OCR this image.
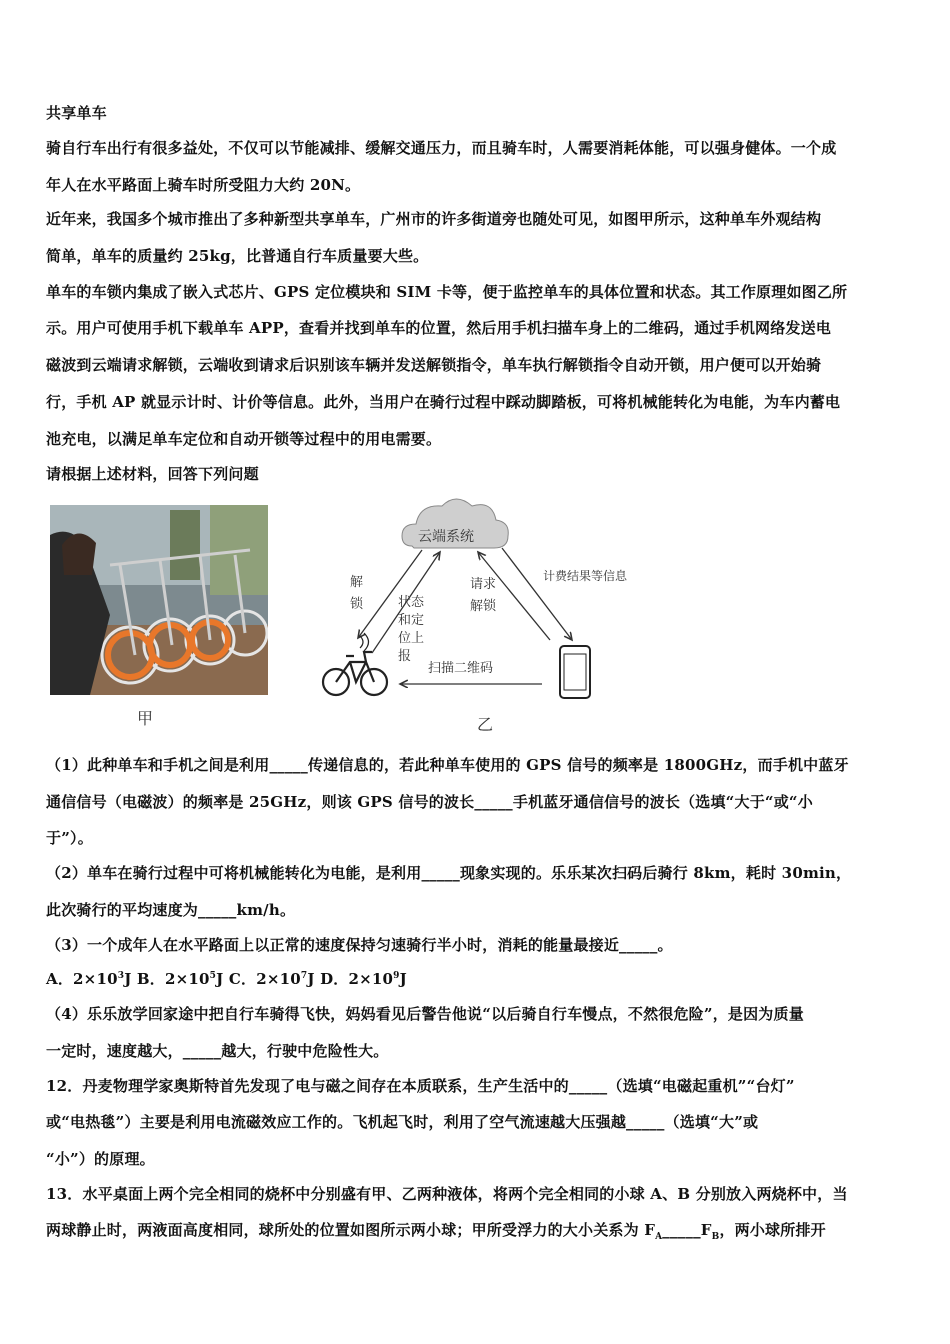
共享单车
骑自行车出行有很多益处，不仅可以节能减排、缓解交通压力，而且骑车时，人需要消耗体能，可以强身健体。一个成
年人在水平路面上骑车时所受阻力大约 20N。
近年来，我国多个城市推出了多种新型共享单车，广州市的许多街道旁也随处可见，如图甲所示，这种单车外观结构
简单，单车的质量约 25kg，比普通自行车质量要大些。
单车的车锁内集成了嵌入式芯片、GPS 定位模块和 SIM 卡等，便于监控单车的具体位置和状态。其工作原理如图乙所
示。用户可使用手机下载单车 APP，查看并找到单车的位置，然后用手机扫描车身上的二维码，通过手机网络发送电
磁波到云端请求解锁，云端收到请求后识别该车辆并发送解锁指令，单车执行解锁指令自动开锁，用户便可以开始骑
行，手机 AP 就显示计时、计价等信息。此外，当用户在骑行过程中踩动脚踏板，可将机械能转化为电能，为车内蓄电
池充电，以满足单车定位和自动开锁等过程中的用电需要。
请根据上述材料，回答下列问题
甲
云端系统
解
锁	状态
和定
位上
报
请求
解锁
计费结果等信息
扫描二维码
乙
（1）此种单车和手机之间是利用_____传递信息的，若此种单车使用的 GPS 信号的频率是 1800GHz，而手机中蓝牙
通信信号（电磁波）的频率是 25GHz，则该 GPS 信号的波长_____手机蓝牙通信信号的波长（选填“大于“或“小
于”）。
（2）单车在骑行过程中可将机械能转化为电能，是利用_____现象实现的。乐乐某次扫码后骑行 8km，耗时 30min，
此次骑行的平均速度为_____km/h。
（3）一个成年人在水平路面上以正常的速度保持匀速骑行半小时，消耗的能量最接近_____。
A．$2\times 10^3J$ B．$2\times 10^5J$ C．$2\times 10^7J$ D．$2\times 10^9J$
（4）乐乐放学回家途中把自行车骑得飞快，妈妈看见后警告他说“以后骑自行车慢点，不然很危险”，是因为质量
一定时，速度越大，_____越大，行驶中危险性大。
12．丹麦物理学家奥斯特首先发现了电与磁之间存在本质联系，生产生活中的_____（选填“电磁起重机”“台灯”
或“电热毯”）主要是利用电流磁效应工作的。飞机起飞时，利用了空气流速越大压强越_____（选填“大”或
“小”）的原理。
13．水平桌面上两个完全相同的烧杯中分别盛有甲、乙两种液体，将两个完全相同的小球 A、B 分别放入两烧杯中，当
两球静止时，两液面高度相同，球所处的位置如图所示两小球；甲所受浮力的大小关系为 $F_A\_\_\_\_\_F_B$，两小球所排开
